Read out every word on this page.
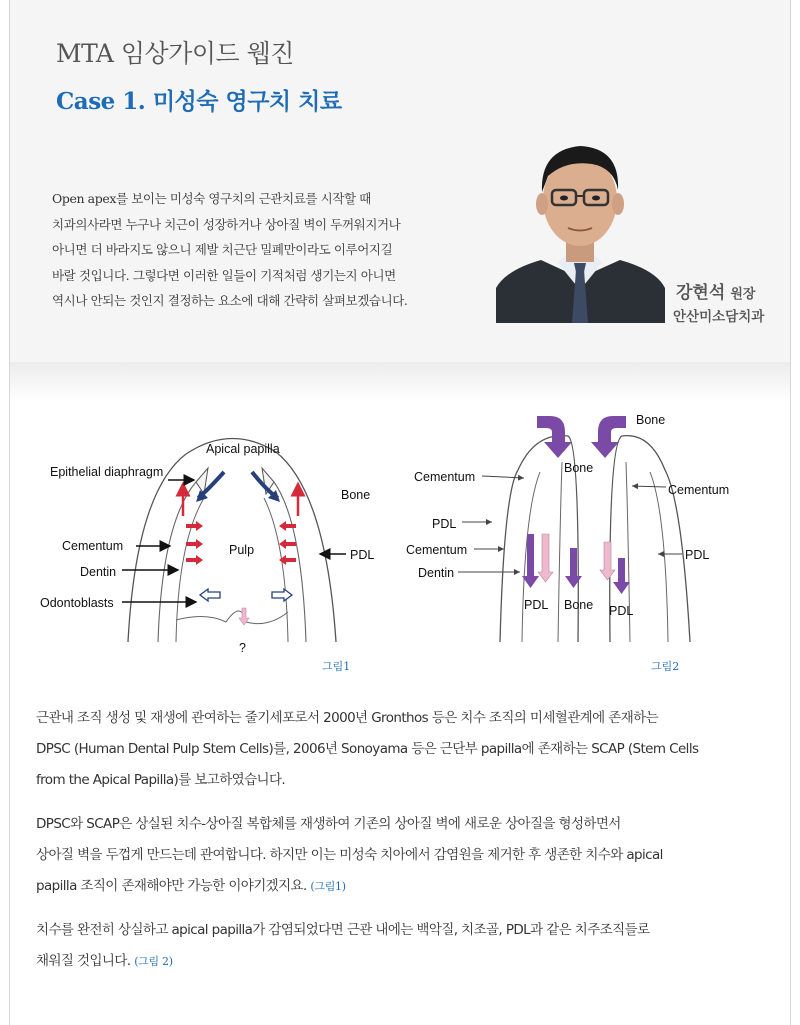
MTA 임상가이드 웹진
Case 1. 미성숙 영구치 치료
Open apex를 보이는 미성숙 영구치의 근관치료를 시작할 때
치과의사라면 누구나 치근이 성장하거나 상아질 벽이 두꺼워지거나
아니면 더 바라지도 않으니 제발 치근단 밀폐만이라도 이루어지길
바랄 것입니다. 그렇다면 이러한 일들이 기적처럼 생기는지 아니면
역시나 안되는 것인지 결정하는 요소에 대해 간략히 살펴보겠습니다.	강현석 원장
안산미소담치과
Apical papilla
Epithelial diaphragm
Bone
Cementum	Pulp	PDL
Dentin
Odontoblasts
?
그림1
Bone
Bone
Cementum
Cementum
PDL
Cementum
Dentin
PDL
PDL Bone PDL
그림2
근관내 조직 생성 및 재생에 관여하는 줄기세포로서 2000년 Gronthos 등은 치수 조직의 미세혈관계에 존재하는
DPSC (Human Dental Pulp Stem Cells)를, 2006년 Sonoyama 등은 근단부 papilla에 존재하는 SCAP (Stem Cells
from the Apical Papilla)를 보고하였습니다.
DPSC와 SCAP은 상실된 치수-상아질 복합체를 재생하여 기존의 상아질 벽에 새로운 상아질을 형성하면서
상아질 벽을 두껍게 만드는데 관여합니다. 하지만 이는 미성숙 치아에서 감염원을 제거한 후 생존한 치수와 apical
papilla 조직이 존재해야만 가능한 이야기겠지요. (그림1)
치수를 완전히 상실하고 apical papilla가 감염되었다면 근관 내에는 백악질, 치조골, PDL과 같은 치주조직들로
채워질 것입니다. (그림 2)
